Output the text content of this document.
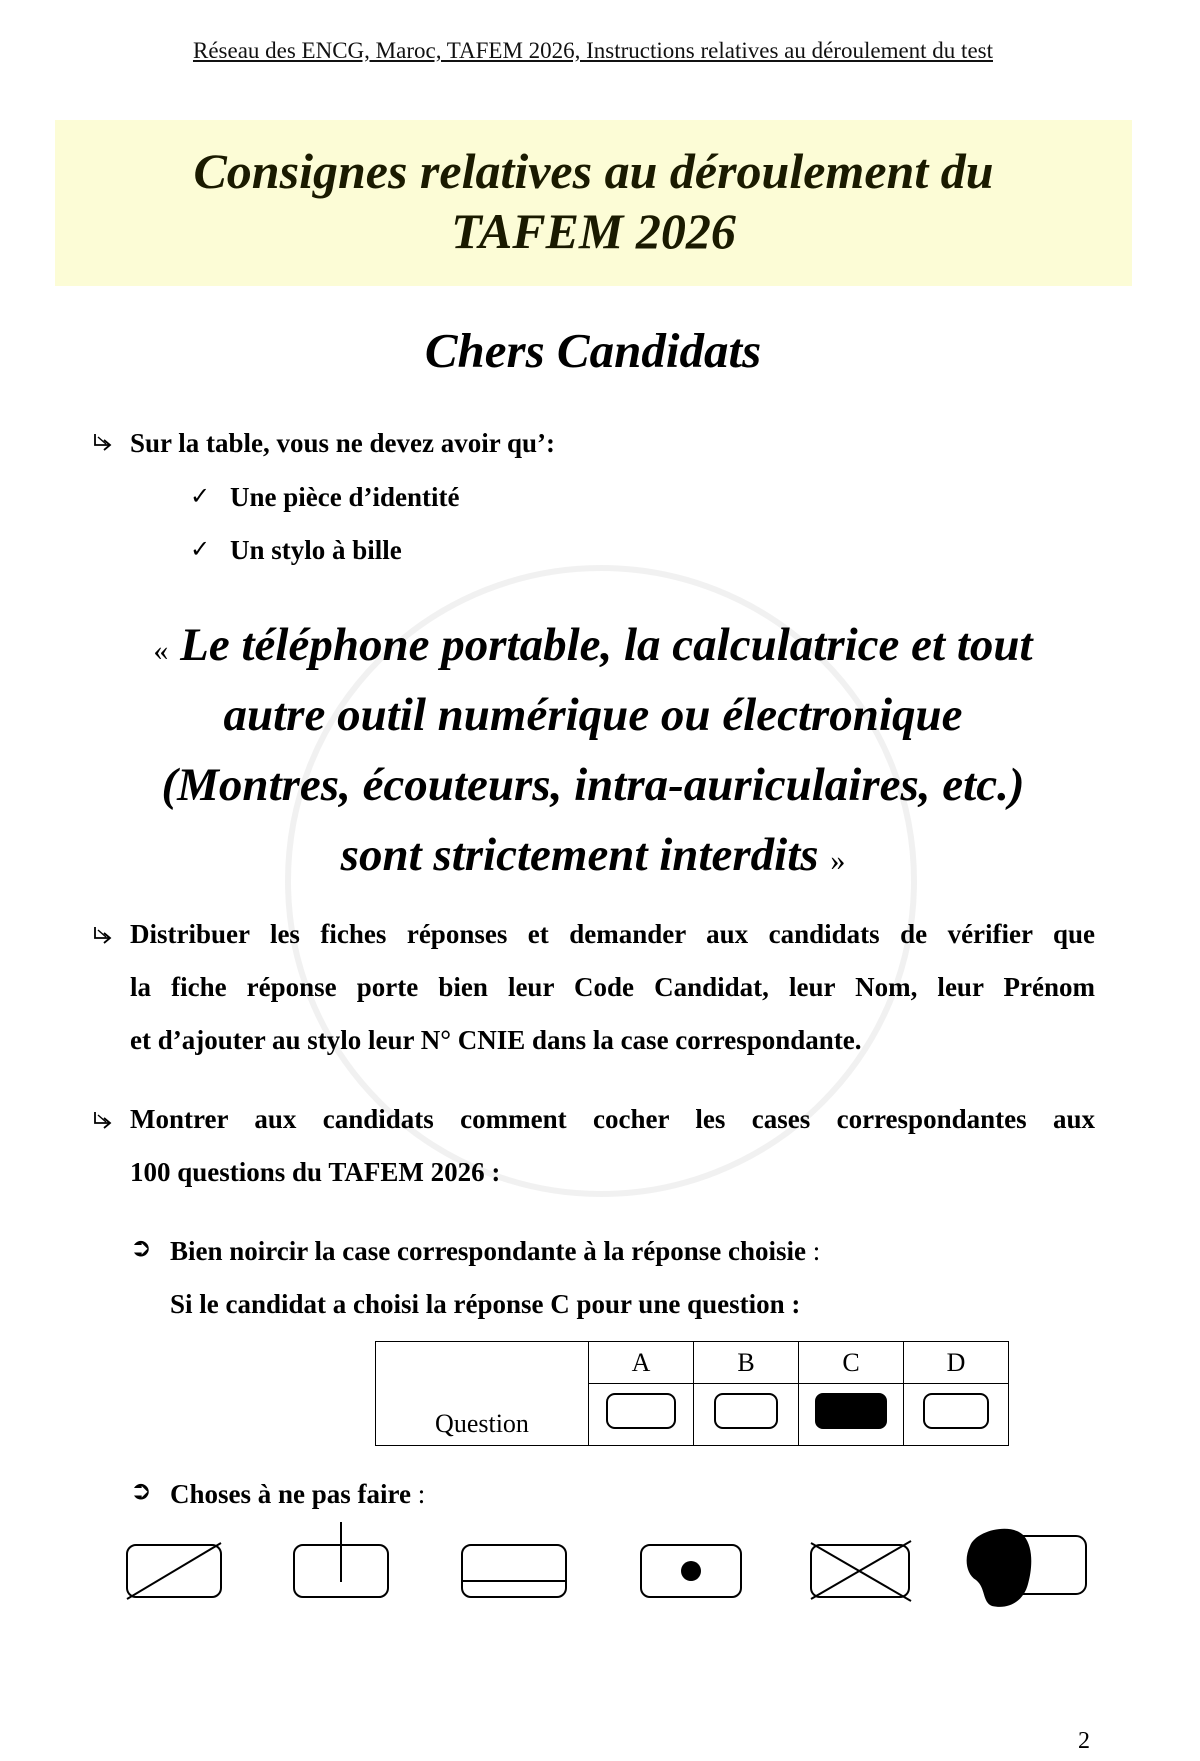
Réseau des ENCG, Maroc, TAFEM 2026, Instructions relatives au déroulement du test
Consignes relatives au déroulement du
TAFEM 2026
Chers Candidats
Sur la table, vous ne devez avoir qu’:
✓ Une pièce d’identité
✓ Un stylo à bille
« Le téléphone portable, la calculatrice et tout
autre outil numérique ou électronique
(Montres, écouteurs, intra-auriculaires, etc.)
sont strictement interdits »
Distribuer les fiches réponses et demander aux candidats de vérifier que
la fiche réponse porte bien leur Code Candidat, leur Nom, leur Prénom
et d’ajouter au stylo leur N° CNIE dans la case correspondante.
Montrer aux candidats comment cocher les cases correspondantes aux
100 questions du TAFEM 2026 :
➲ Bien noircir la case correspondante à la réponse choisie :
Si le candidat a choisi la réponse C pour une question :
Question	A	B	C	D

➲ Choses à ne pas faire :
2
